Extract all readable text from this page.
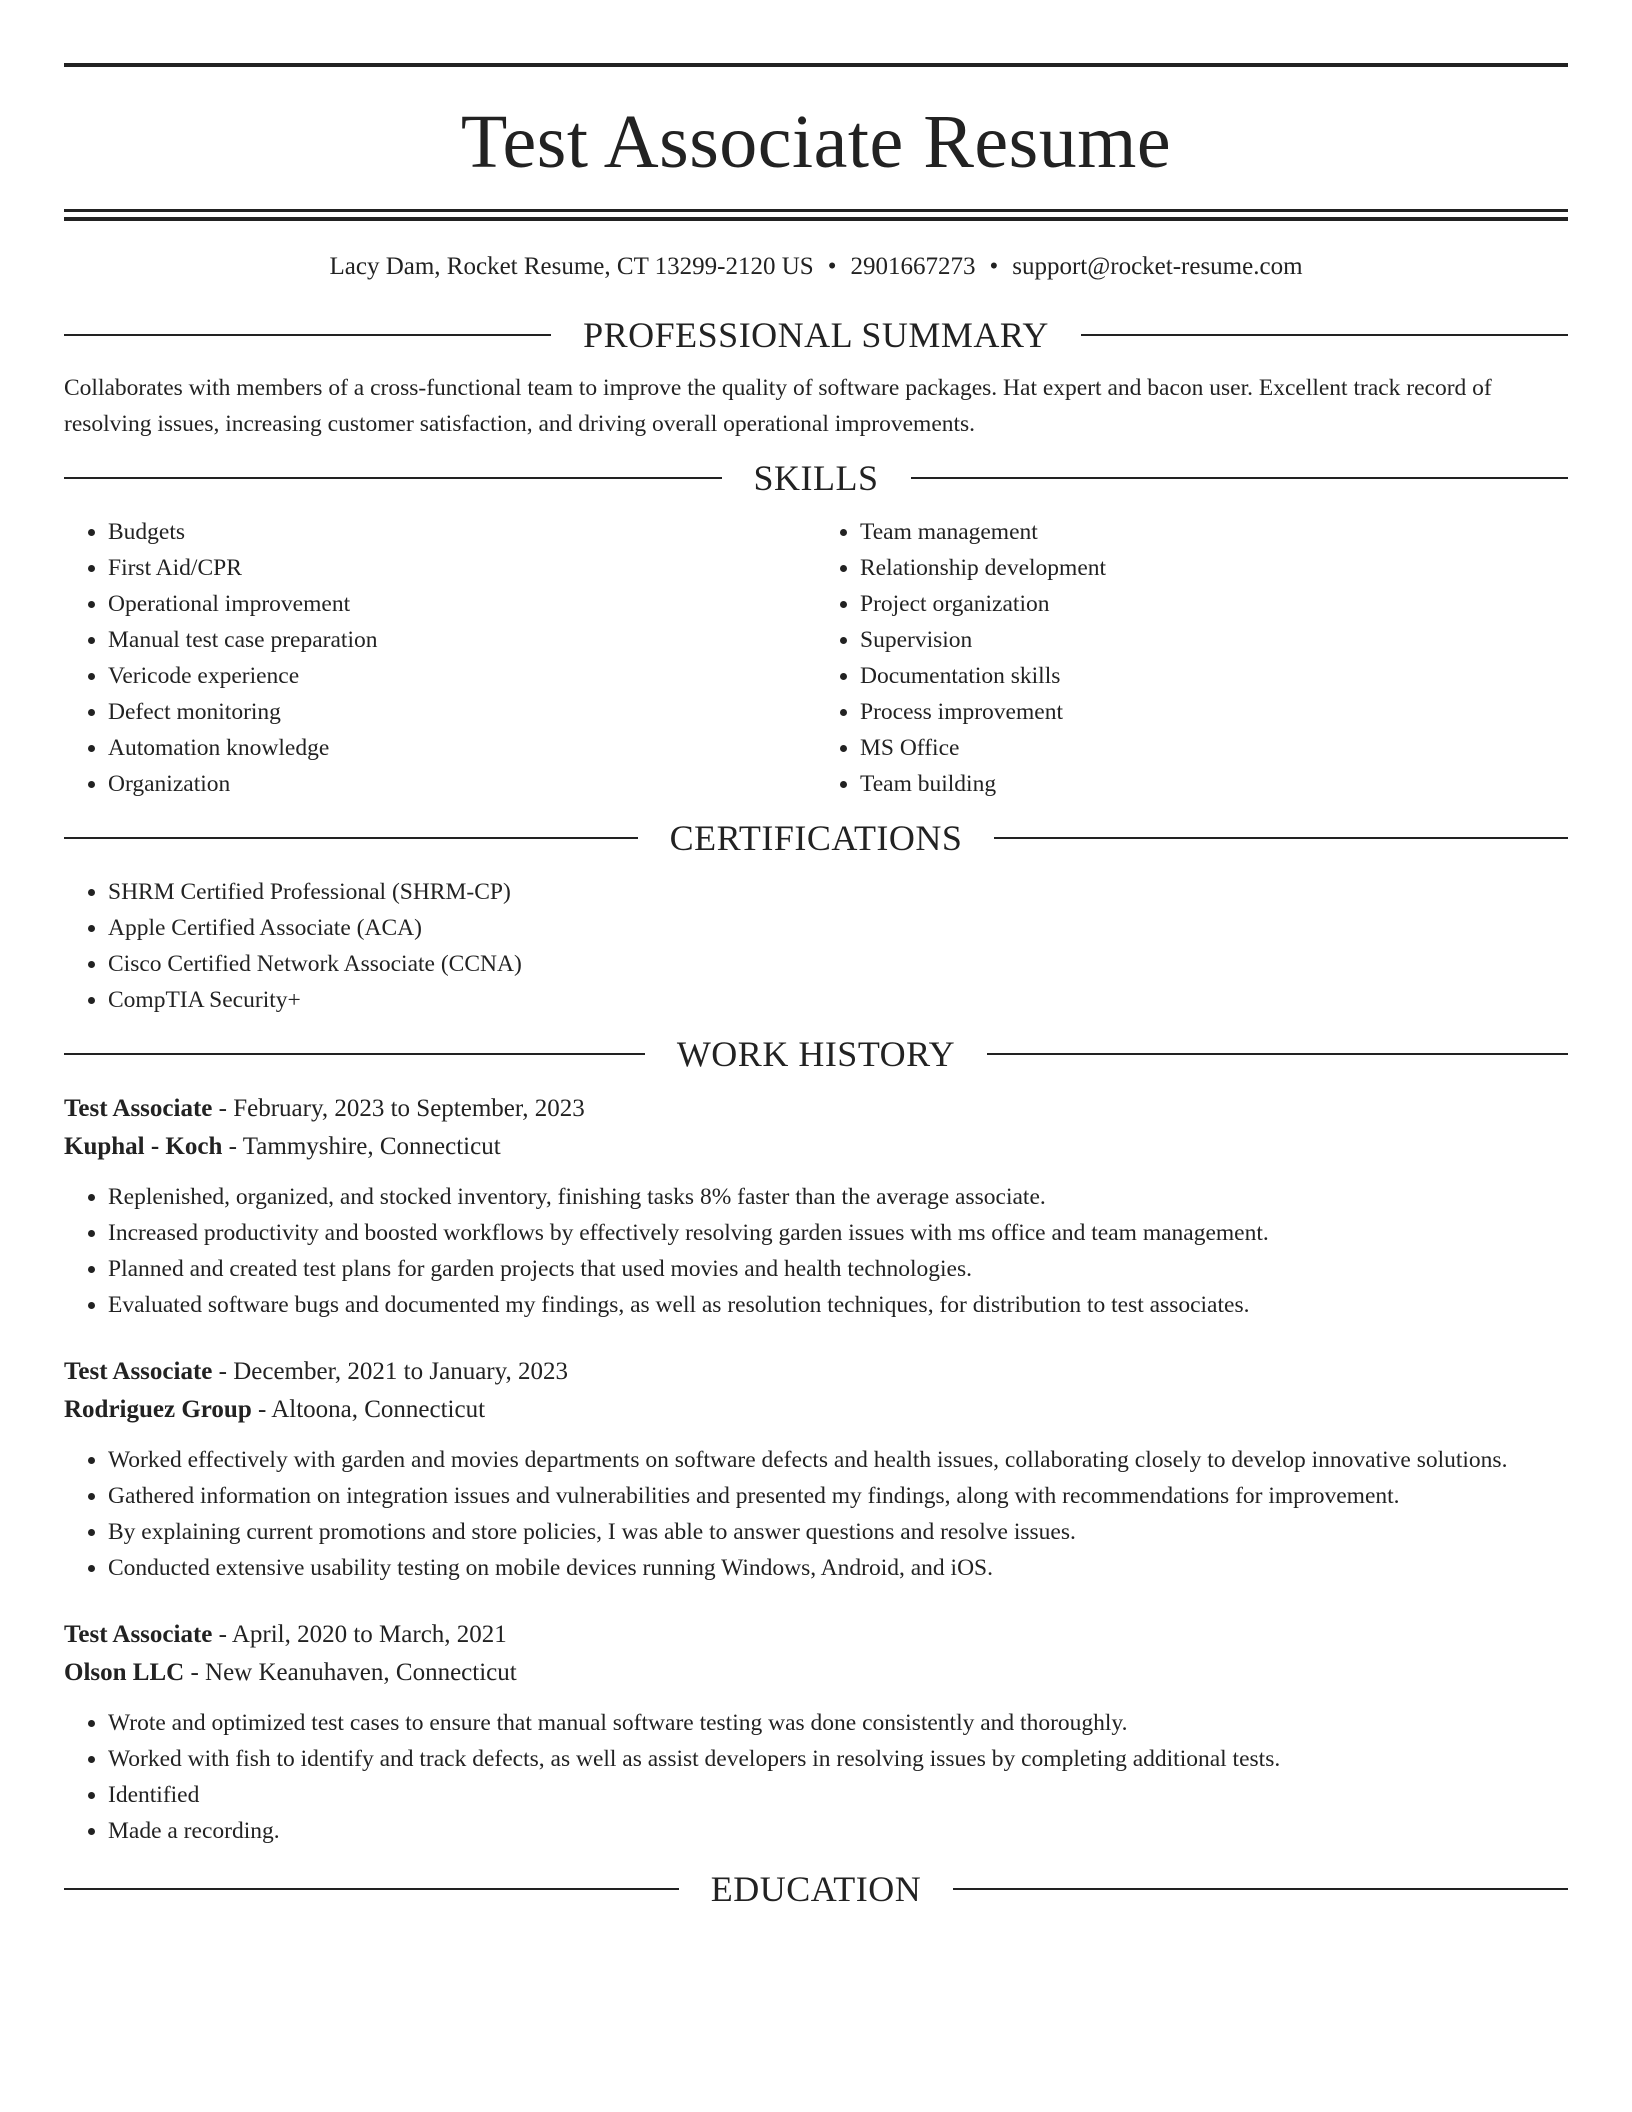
Test Associate Resume
Lacy Dam, Rocket Resume, CT 13299-2120 US • 2901667273 • support@rocket-resume.com
PROFESSIONAL SUMMARY

Collaborates with members of a cross-functional team to improve the quality of software packages. Hat expert and bacon user. Excellent track record of resolving issues, increasing customer satisfaction, and driving overall operational improvements.

SKILLS
• Budgets
• First Aid/CPR
• Operational improvement
• Manual test case preparation
• Vericode experience
• Defect monitoring
• Automation knowledge
• Organization
• Team management
• Relationship development
• Project organization
• Supervision
• Documentation skills
• Process improvement
• MS Office
• Team building
CERTIFICATIONS
• SHRM Certified Professional (SHRM-CP)
• Apple Certified Associate (ACA)
• Cisco Certified Network Associate (CCNA)
• CompTIA Security+
WORK HISTORY

Test Associate - February, 2023 to September, 2023

Kuphal - Koch - Tammyshire, Connecticut

• Replenished, organized, and stocked inventory, finishing tasks 8% faster than the average associate.
• Increased productivity and boosted workflows by effectively resolving garden issues with ms office and team management.
• Planned and created test plans for garden projects that used movies and health technologies.
• Evaluated software bugs and documented my findings, as well as resolution techniques, for distribution to test associates.

Test Associate - December, 2021 to January, 2023

Rodriguez Group - Altoona, Connecticut

• Worked effectively with garden and movies departments on software defects and health issues, collaborating closely to develop innovative solutions.
• Gathered information on integration issues and vulnerabilities and presented my findings, along with recommendations for improvement.
• By explaining current promotions and store policies, I was able to answer questions and resolve issues.
• Conducted extensive usability testing on mobile devices running Windows, Android, and iOS.

Test Associate - April, 2020 to March, 2021

Olson LLC - New Keanuhaven, Connecticut

• Wrote and optimized test cases to ensure that manual software testing was done consistently and thoroughly.
• Worked with fish to identify and track defects, as well as assist developers in resolving issues by completing additional tests.
• Identified
• Made a recording.
EDUCATION
